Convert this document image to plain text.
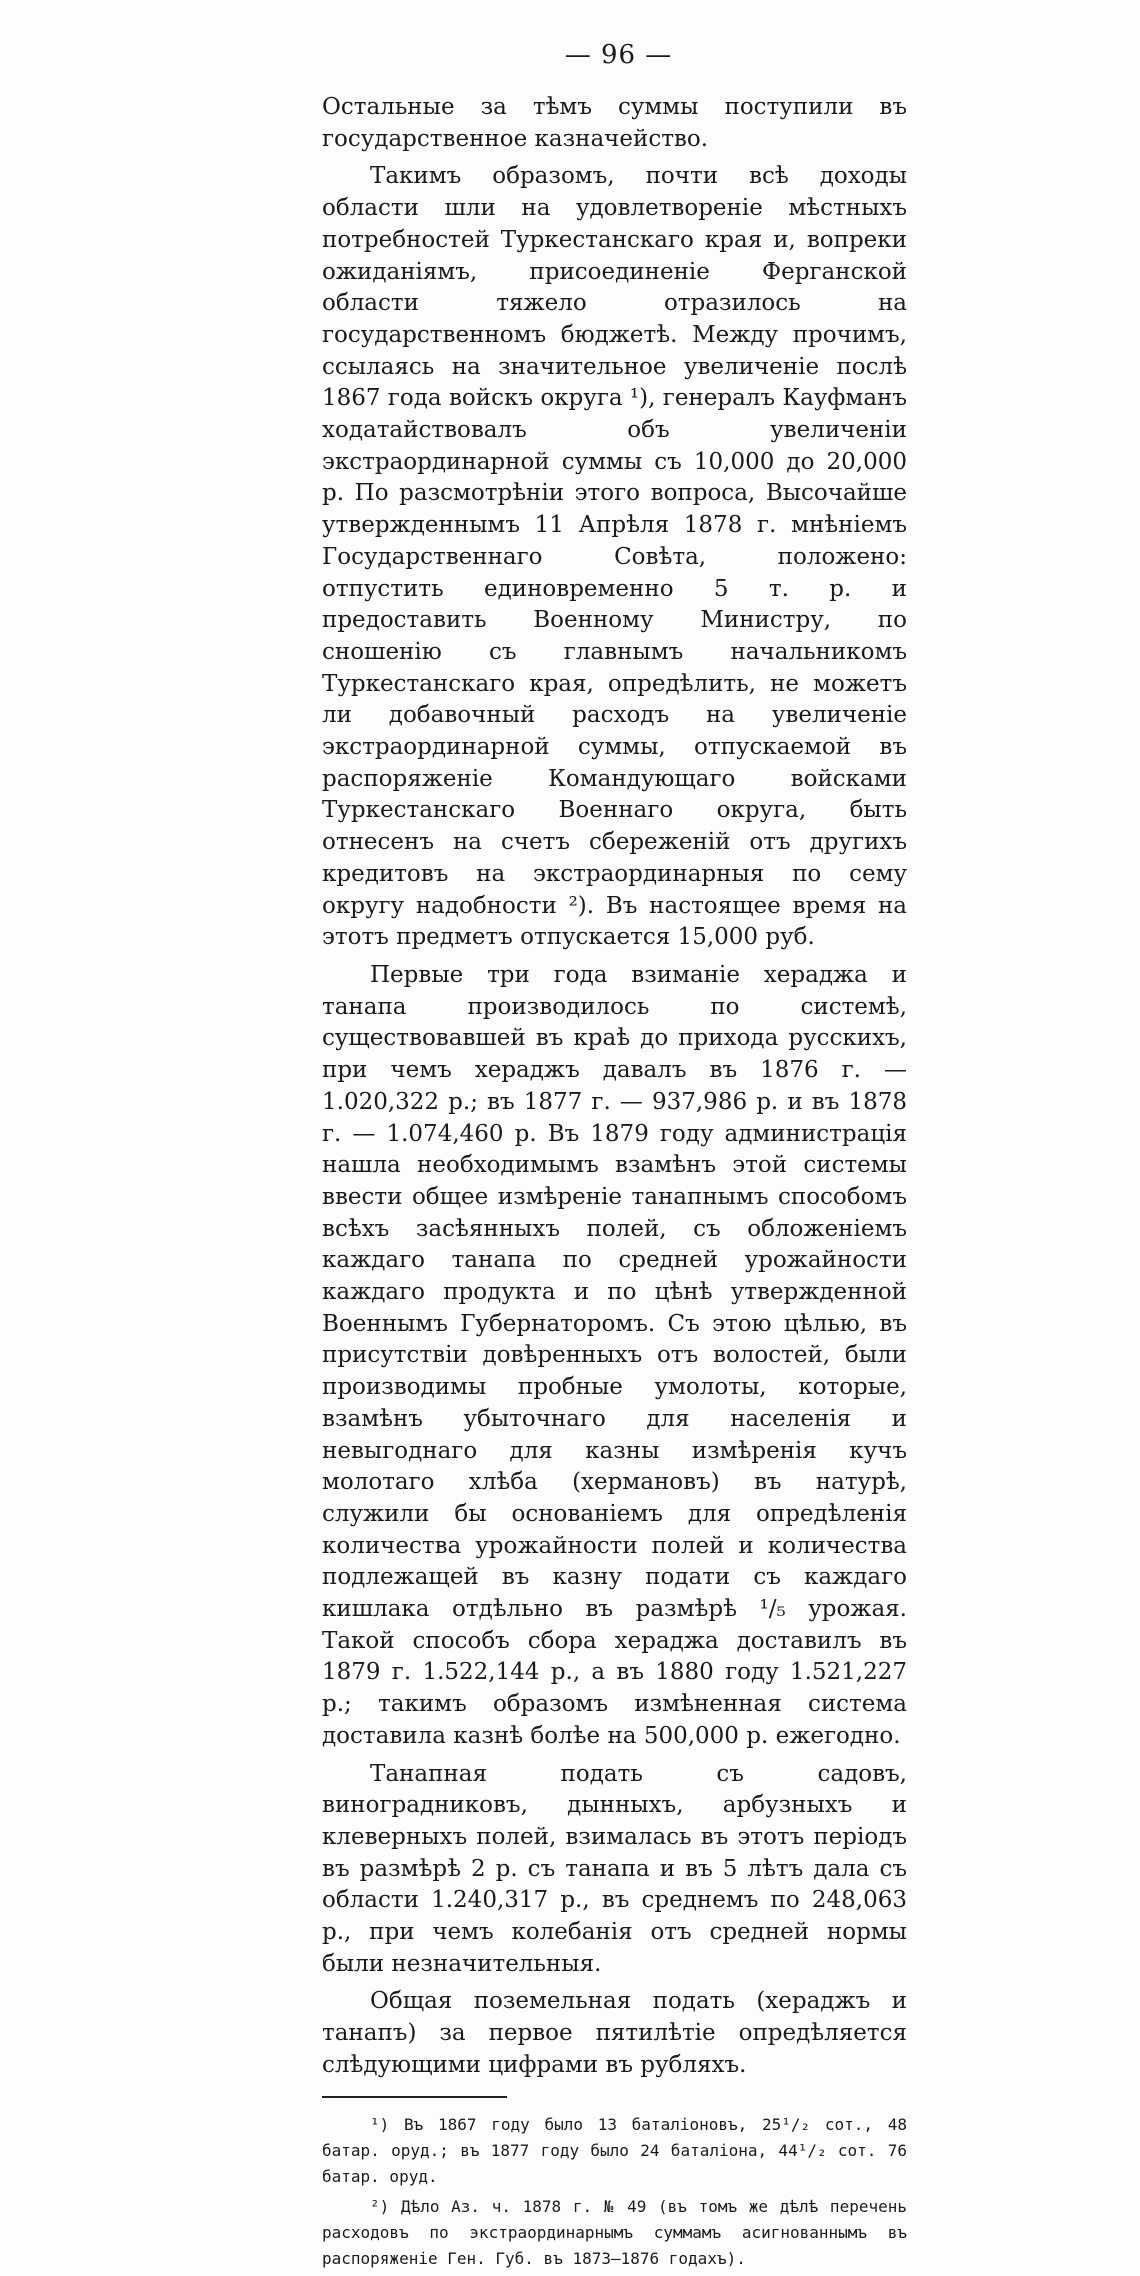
— 96 —

Остальные за тѣмъ суммы поступили въ государственное казначейство.

Такимъ образомъ, почти всѣ доходы области шли на удовлетвореніе мѣстныхъ потребностей Туркестанскаго края и, вопреки ожиданіямъ, присоединеніе Ферганской области тяжело отразилось на государственномъ бюджетѣ. Между прочимъ, ссылаясь на значительное увеличеніе послѣ 1867 года войскъ округа ¹), генералъ Кауфманъ ходатайствовалъ объ увеличеніи экстраординарной суммы съ 10,000 до 20,000 р. По разсмотрѣніи этого вопроса, Высочайше утвержденнымъ 11 Апрѣля 1878 г. мнѣніемъ Государственнаго Совѣта, положено: отпустить единовременно 5 т. р. и предоставить Военному Министру, по сношенію съ главнымъ начальникомъ Туркестанскаго края, опредѣлить, не можетъ ли добавочный расходъ на увеличеніе экстраординарной суммы, отпускаемой въ распоряженіе Командующаго войсками Туркестанскаго Военнаго округа, быть отнесенъ на счетъ сбереженій отъ другихъ кредитовъ на экстраординарныя по сему округу надобности ²). Въ настоящее время на этотъ предметъ отпускается 15,000 руб.

Первые три года взиманіе хераджа и танапа производилось по системѣ, существовавшей въ краѣ до прихода русскихъ, при чемъ хераджъ давалъ въ 1876 г. — 1.020,322 р.; въ 1877 г. — 937,986 р. и въ 1878 г. — 1.074,460 р. Въ 1879 году администрація нашла необходимымъ взамѣнъ этой системы ввести общее измѣреніе танапнымъ способомъ всѣхъ засѣянныхъ полей, съ обложеніемъ каждаго танапа по средней урожайности каждаго продукта и по цѣнѣ утвержденной Военнымъ Губернаторомъ. Съ этою цѣлью, въ присутствіи довѣренныхъ отъ волостей, были производимы пробные умолоты, которые, взамѣнъ убыточнаго для населенія и невыгоднаго для казны измѣренія кучъ молотаго хлѣба (хермановъ) въ натурѣ, служили бы основаніемъ для опредѣленія количества урожайности полей и количества подлежащей въ казну подати съ каждаго кишлака отдѣльно въ размѣрѣ ¹/₅ урожая. Такой способъ сбора хераджа доставилъ въ 1879 г. 1.522,144 р., а въ 1880 году 1.521,227 р.; такимъ образомъ измѣненная система доставила казнѣ болѣе на 500,000 р. ежегодно.

Танапная подать съ садовъ, виноградниковъ, дынныхъ, арбузныхъ и клеверныхъ полей, взималась въ этотъ періодъ въ размѣрѣ 2 р. съ танапа и въ 5 лѣтъ дала съ области 1.240,317 р., въ среднемъ по 248,063 р., при чемъ колебанія отъ средней нормы были незначительныя.

Общая поземельная подать (хераджъ и танапъ) за первое пятилѣтіе опредѣляется слѣдующими цифрами въ рубляхъ.

¹) Въ 1867 году было 13 баталіоновъ, 25¹/₂ сот., 48 батар. оруд.; въ 1877 году было 24 баталіона, 44¹/₂ сот. 76 батар. оруд.

²) Дѣло Аз. ч. 1878 г. № 49 (въ томъ же дѣлѣ перечень расходовъ по экстраординарнымъ суммамъ асигнованнымъ въ распоряженіе Ген. Губ. въ 1873—1876 годахъ).
